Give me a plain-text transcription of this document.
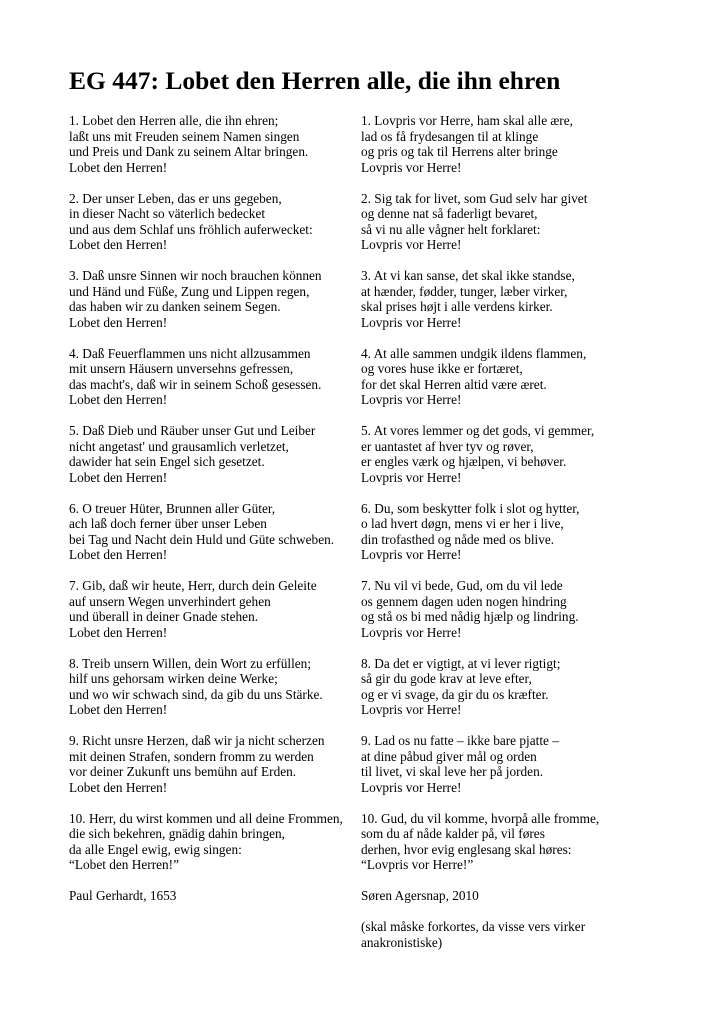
EG 447: Lobet den Herren alle, die ihn ehren
1. Lobet den Herren alle, die ihn ehren;
laßt uns mit Freuden seinem Namen singen
und Preis und Dank zu seinem Altar bringen.
Lobet den Herren!
2. Der unser Leben, das er uns gegeben,
in dieser Nacht so väterlich bedecket
und aus dem Schlaf uns fröhlich auferwecket:
Lobet den Herren!
3. Daß unsre Sinnen wir noch brauchen können
und Händ und Füße, Zung und Lippen regen,
das haben wir zu danken seinem Segen.
Lobet den Herren!
4. Daß Feuerflammen uns nicht allzusammen
mit unsern Häusern unversehns gefressen,
das macht's, daß wir in seinem Schoß gesessen.
Lobet den Herren!
5. Daß Dieb und Räuber unser Gut und Leiber
nicht angetast' und grausamlich verletzet,
dawider hat sein Engel sich gesetzet.
Lobet den Herren!
6. O treuer Hüter, Brunnen aller Güter,
ach laß doch ferner über unser Leben
bei Tag und Nacht dein Huld und Güte schweben.
Lobet den Herren!
7. Gib, daß wir heute, Herr, durch dein Geleite
auf unsern Wegen unverhindert gehen
und überall in deiner Gnade stehen.
Lobet den Herren!
8. Treib unsern Willen, dein Wort zu erfüllen;
hilf uns gehorsam wirken deine Werke;
und wo wir schwach sind, da gib du uns Stärke.
Lobet den Herren!
9. Richt unsre Herzen, daß wir ja nicht scherzen
mit deinen Strafen, sondern fromm zu werden
vor deiner Zukunft uns bemühn auf Erden.
Lobet den Herren!
10. Herr, du wirst kommen und all deine Frommen,
die sich bekehren, gnädig dahin bringen,
da alle Engel ewig, ewig singen:
“Lobet den Herren!”
Paul Gerhardt, 1653
1. Lovpris vor Herre, ham skal alle ære,
lad os få frydesangen til at klinge
og pris og tak til Herrens alter bringe
Lovpris vor Herre!
2. Sig tak for livet, som Gud selv har givet
og denne nat så faderligt bevaret,
så vi nu alle vågner helt forklaret:
Lovpris vor Herre!
3. At vi kan sanse, det skal ikke standse,
at hænder, fødder, tunger, læber virker,
skal prises højt i alle verdens kirker.
Lovpris vor Herre!
4. At alle sammen undgik ildens flammen,
og vores huse ikke er fortæret,
for det skal Herren altid være æret.
Lovpris vor Herre!
5. At vores lemmer og det gods, vi gemmer,
er uantastet af hver tyv og røver,
er engles værk og hjælpen, vi behøver.
Lovpris vor Herre!
6. Du, som beskytter folk i slot og hytter,
o lad hvert døgn, mens vi er her i live,
din trofasthed og nåde med os blive.
Lovpris vor Herre!
7. Nu vil vi bede, Gud, om du vil lede
os gennem dagen uden nogen hindring
og stå os bi med nådig hjælp og lindring.
Lovpris vor Herre!
8. Da det er vigtigt, at vi lever rigtigt;
så gir du gode krav at leve efter,
og er vi svage, da gir du os kræfter.
Lovpris vor Herre!
9. Lad os nu fatte – ikke bare pjatte –
at dine påbud giver mål og orden
til livet, vi skal leve her på jorden.
Lovpris vor Herre!
10. Gud, du vil komme, hvorpå alle fromme,
som du af nåde kalder på, vil føres
derhen, hvor evig englesang skal høres:
“Lovpris vor Herre!”
Søren Agersnap, 2010
(skal måske forkortes, da visse vers virker
anakronistiske)
